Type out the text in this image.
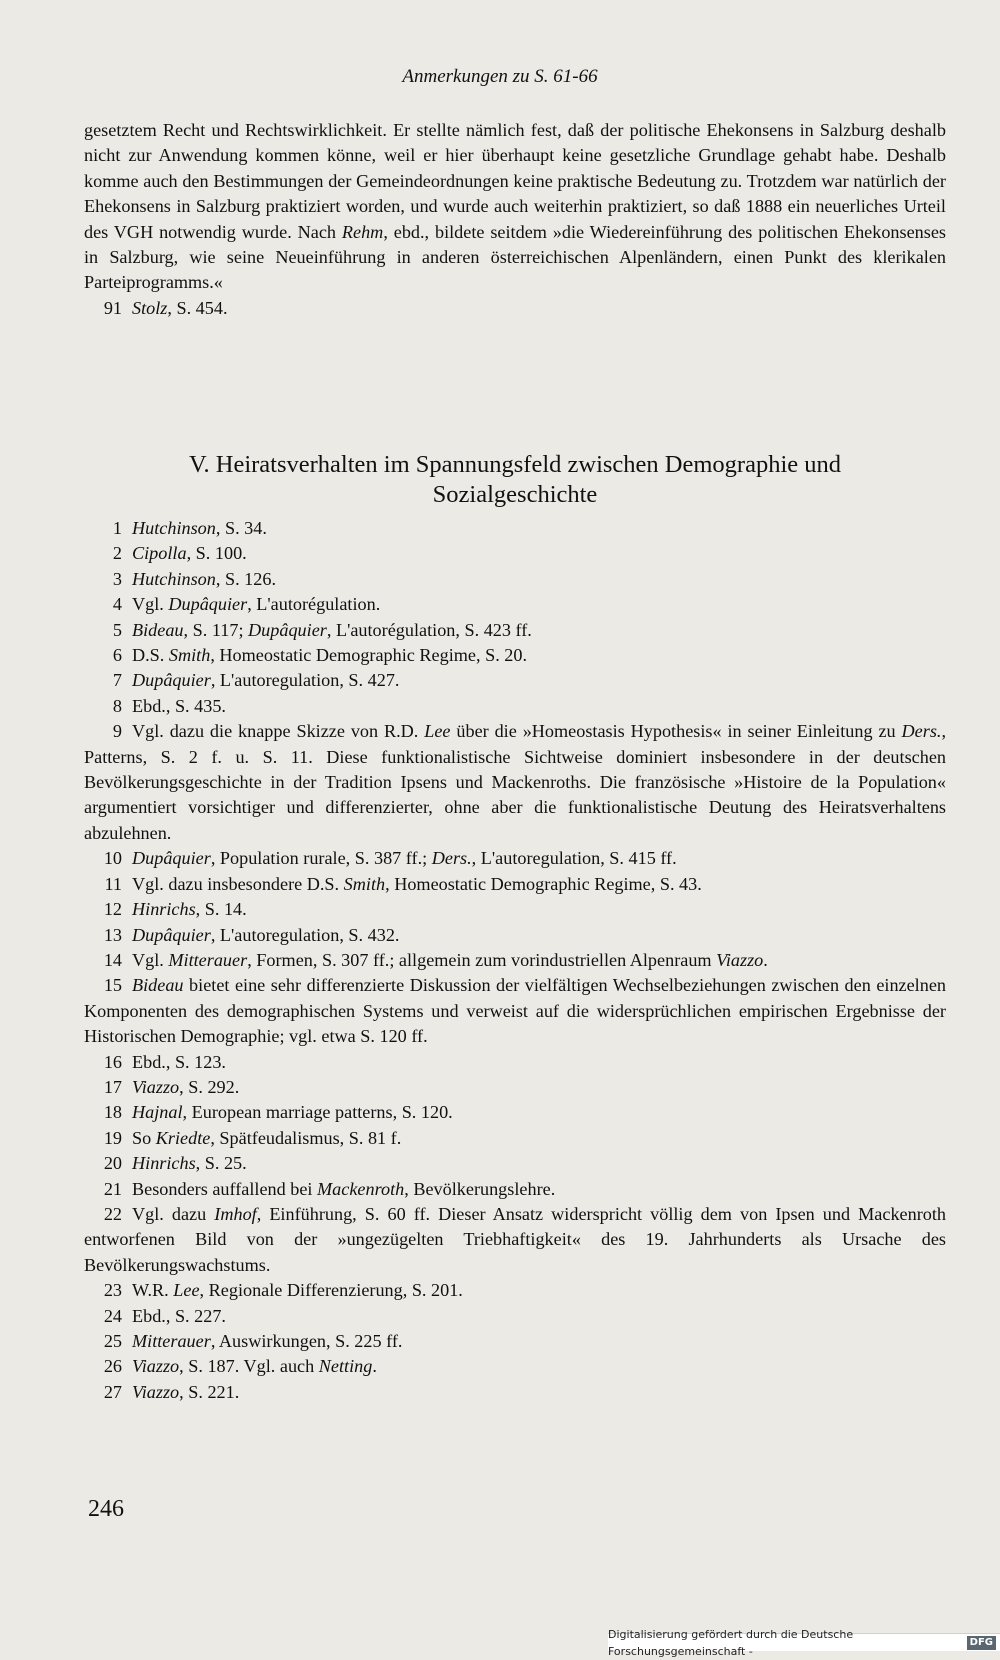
Anmerkungen zu S. 61-66

gesetztem Recht und Rechtswirklichkeit. Er stellte nämlich fest, daß der politische Ehekonsens in Salzburg deshalb nicht zur Anwendung kommen könne, weil er hier überhaupt keine gesetzliche Grundlage gehabt habe. Deshalb komme auch den Bestimmungen der Gemeindeordnungen keine praktische Bedeutung zu. Trotzdem war natürlich der Ehekonsens in Salzburg praktiziert worden, und wurde auch weiterhin praktiziert, so daß 1888 ein neuerliches Urteil des VGH notwendig wurde. Nach Rehm, ebd., bildete seitdem »die Wiedereinführung des politischen Ehekonsenses in Salzburg, wie seine Neueinführung in anderen österreichischen Alpenländern, einen Punkt des klerikalen Parteiprogramms.«

91 Stolz, S. 454.

V. Heiratsverhalten im Spannungsfeld zwischen Demographie und
Sozialgeschichte

1 Hutchinson, S. 34.

2 Cipolla, S. 100.

3 Hutchinson, S. 126.

4 Vgl. Dupâquier, L'autorégulation.

5 Bideau, S. 117; Dupâquier, L'autorégulation, S. 423 ff.

6 D.S. Smith, Homeostatic Demographic Regime, S. 20.

7 Dupâquier, L'autoregulation, S. 427.

8 Ebd., S. 435.

9 Vgl. dazu die knappe Skizze von R.D. Lee über die »Homeostasis Hypothesis« in seiner Einleitung zu Ders., Patterns, S. 2 f. u. S. 11. Diese funktionalistische Sichtweise dominiert insbesondere in der deutschen Bevölkerungsgeschichte in der Tradition Ipsens und Mackenroths. Die französische »Histoire de la Population« argumentiert vorsichtiger und differenzierter, ohne aber die funktionalistische Deutung des Heiratsverhaltens abzulehnen.

10 Dupâquier, Population rurale, S. 387 ff.; Ders., L'autoregulation, S. 415 ff.

11 Vgl. dazu insbesondere D.S. Smith, Homeostatic Demographic Regime, S. 43.

12 Hinrichs, S. 14.

13 Dupâquier, L'autoregulation, S. 432.

14 Vgl. Mitterauer, Formen, S. 307 ff.; allgemein zum vorindustriellen Alpenraum Viazzo.

15 Bideau bietet eine sehr differenzierte Diskussion der vielfältigen Wechselbeziehungen zwischen den einzelnen Komponenten des demographischen Systems und verweist auf die widersprüchlichen empirischen Ergebnisse der Historischen Demographie; vgl. etwa S. 120 ff.

16 Ebd., S. 123.

17 Viazzo, S. 292.

18 Hajnal, European marriage patterns, S. 120.

19 So Kriedte, Spätfeudalismus, S. 81 f.

20 Hinrichs, S. 25.

21 Besonders auffallend bei Mackenroth, Bevölkerungslehre.

22 Vgl. dazu Imhof, Einführung, S. 60 ff. Dieser Ansatz widerspricht völlig dem von Ipsen und Mackenroth entworfenen Bild von der »ungezügelten Triebhaftigkeit« des 19. Jahrhunderts als Ursache des Bevölkerungswachstums.

23 W.R. Lee, Regionale Differenzierung, S. 201.

24 Ebd., S. 227.

25 Mitterauer, Auswirkungen, S. 225 ff.

26 Viazzo, S. 187. Vgl. auch Netting.

27 Viazzo, S. 221.

246
Digitalisierung gefördert durch die Deutsche Forschungsgemeinschaft -
DFG
